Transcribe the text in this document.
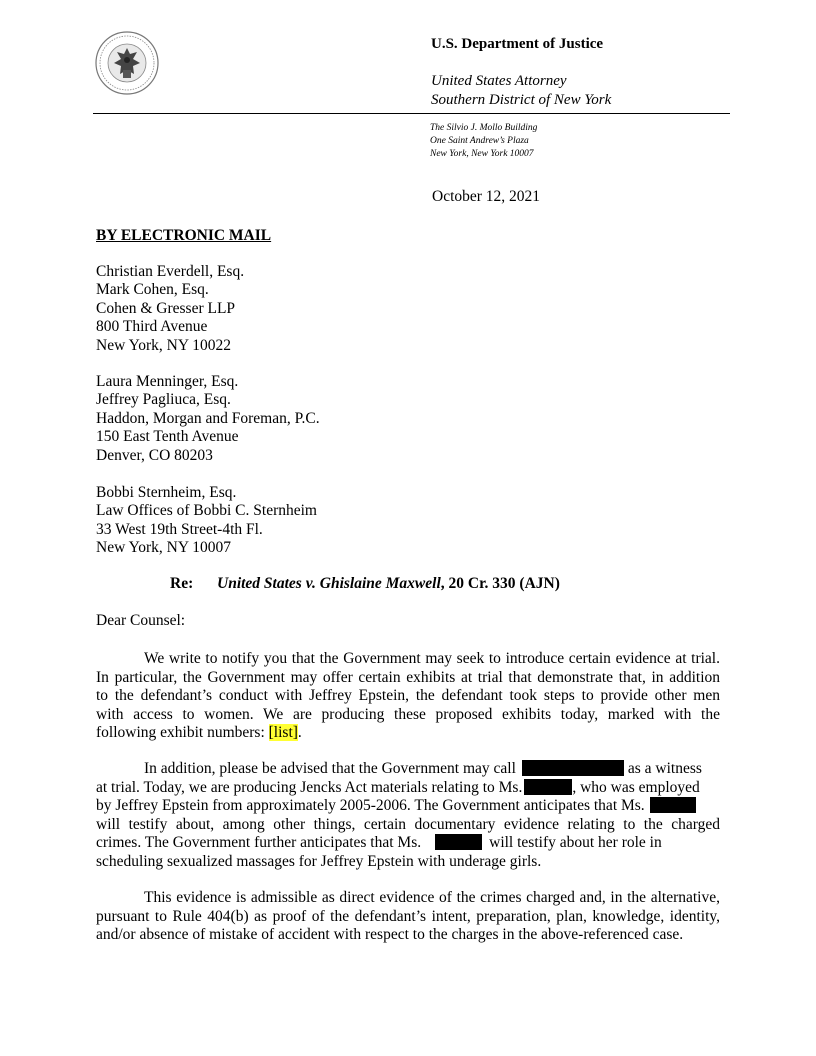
U.S. Department of Justice
United States Attorney
Southern District of New York
The Silvio J. Mollo Building
One Saint Andrew’s Plaza
New York, New York 10007
October 12, 2021
BY ELECTRONIC MAIL
Christian Everdell, Esq.
Mark Cohen, Esq.
Cohen & Gresser LLP
800 Third Avenue
New York, NY 10022
Laura Menninger, Esq.
Jeffrey Pagliuca, Esq.
Haddon, Morgan and Foreman, P.C.
150 East Tenth Avenue
Denver, CO 80203
Bobbi Sternheim, Esq.
Law Offices of Bobbi C. Sternheim
33 West 19th Street-4th Fl.
New York, NY 10007
Re: United States v. Ghislaine Maxwell, 20 Cr. 330 (AJN)
Dear Counsel:
We write to notify you that the Government may seek to introduce certain evidence at trial.
In particular, the Government may offer certain exhibits at trial that demonstrate that, in addition
to the defendant’s conduct with Jeffrey Epstein, the defendant took steps to provide other men
with access to women. We are producing these proposed exhibits today, marked with the
following exhibit numbers: [list].
In addition, please be advised that the Government may call	as a witness
at trial. Today, we are producing Jencks Act materials relating to Ms.	, who was employed
by Jeffrey Epstein from approximately 2005-2006. The Government anticipates that Ms.
will testify about, among other things, certain documentary evidence relating to the charged
crimes. The Government further anticipates that Ms.	will testify about her role in
scheduling sexualized massages for Jeffrey Epstein with underage girls.
This evidence is admissible as direct evidence of the crimes charged and, in the alternative,
pursuant to Rule 404(b) as proof of the defendant’s intent, preparation, plan, knowledge, identity,
and/or absence of mistake of accident with respect to the charges in the above-referenced case.
